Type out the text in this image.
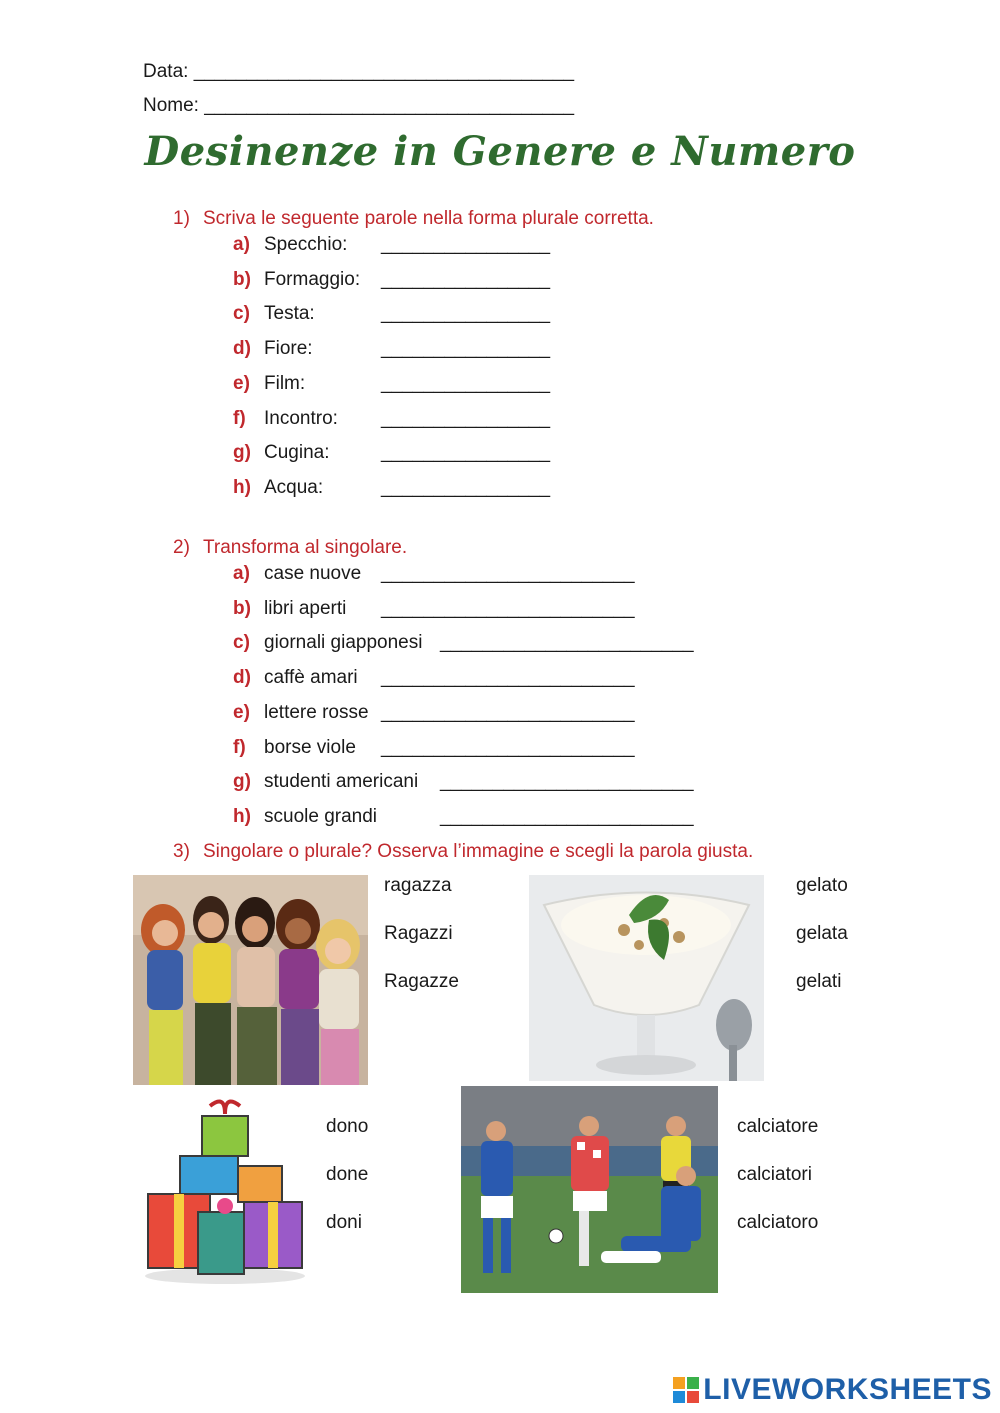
Data: ____________________________________
Nome: ___________________________________
Desinenze in Genere e Numero
1) Scriva le seguente parole nella forma plurale corretta.
a) Specchio: ________________
b) Formaggio: ________________
c) Testa:	________________
d) Fiore:	________________
e) Film:	________________
f) Incontro: ________________
g) Cugina:	________________
h) Acqua:	________________
2) Transforma al singolare.
a) case nuove ________________________
b) libri aperti ________________________
c) giornali giapponesi ________________________
d) caffè amari ________________________
e) lettere rosse ________________________
f) borse viole ________________________
g) studenti americani ________________________
h) scuole grandi	________________________
3) Singolare o plurale? Osserva l’immagine e scegli la parola giusta.
ragazza
Ragazzi
Ragazze
gelato
gelata
gelati
dono
done
doni
calciatore
calciatori
calciatoro
LIVEWORKSHEETS
